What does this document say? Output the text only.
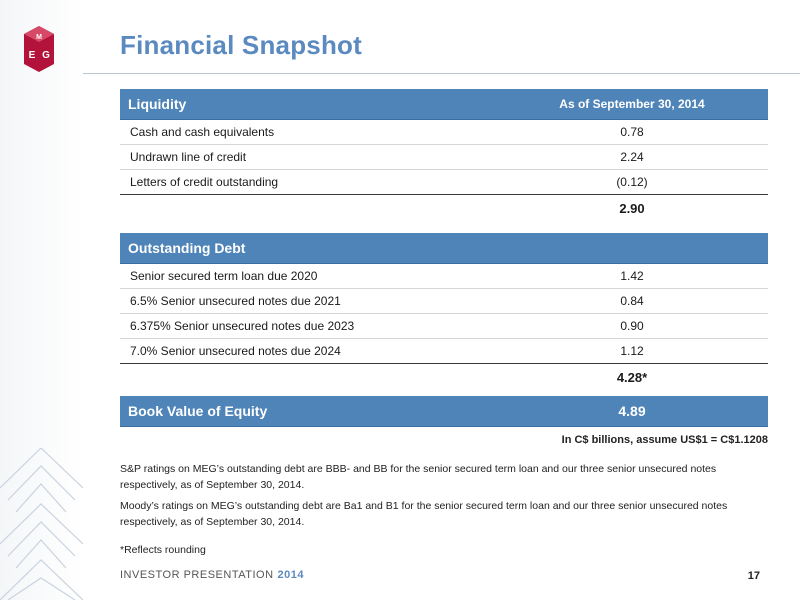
M
E G	Financial Snapshot
Liquidity	As of September 30, 2014
Cash and cash equivalents	0.78
Undrawn line of credit	2.24
Letters of credit outstanding	(0.12)
2.90
Outstanding Debt
Senior secured term loan due 2020	1.42
6.5% Senior unsecured notes due 2021	0.84
6.375% Senior unsecured notes due 2023	0.90
7.0% Senior unsecured notes due 2024	1.12
4.28*
Book Value of Equity	4.89
In C$ billions, assume US$1 = C$1.1208
S&P ratings on MEG’s outstanding debt are BBB- and BB for the senior secured term loan and our three senior unsecured notes respectively, as of September 30, 2014.
Moody’s ratings on MEG’s outstanding debt are Ba1 and B1 for the senior secured term loan and our three senior unsecured notes respectively, as of September 30, 2014.
*Reflects rounding
INVESTOR PRESENTATION 2014	17
